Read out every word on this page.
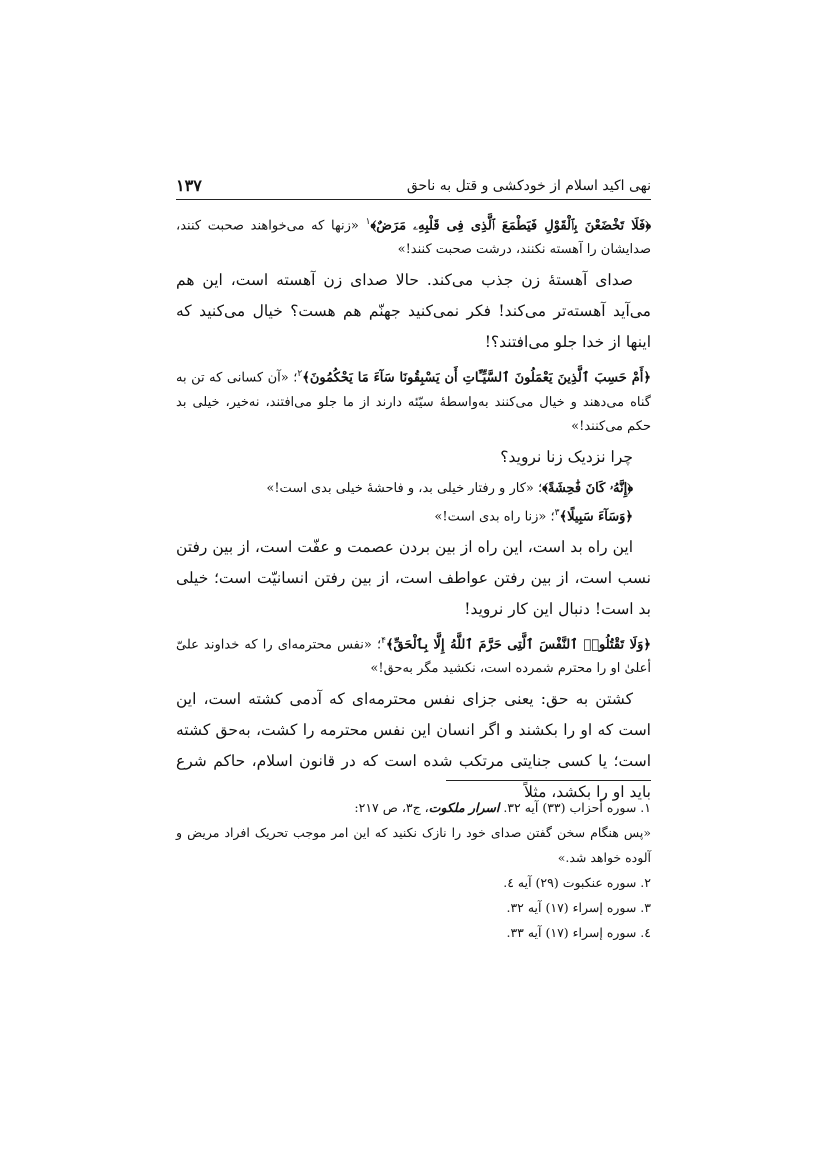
نهی اکید اسلام از خودکشی و قتل به ناحق
۱۳۷

﴿فَلَا تَخْضَعْنَ بِٱلْقَوْلِ فَيَطْمَعَ ٱلَّذِى فِى قَلْبِهِۦ مَرَضٌ﴾$^۱$ «زنها که می‌خواهند صحبت کنند، صدایشان را آهسته نکنند، درشت صحبت کنند!»

صدای آهستۀ زن جذب می‌کند. حالا صدای زن آهسته است، این هم می‌آید آهسته‌تر می‌کند! فکر نمی‌کنید جهنّم هم هست؟ خیال می‌کنید که اینها از خدا جلو می‌افتند؟!

﴿أَمْ حَسِبَ ٱلَّذِينَ يَعْمَلُونَ ٱلسَّيِّـَٔاتِ أَن يَسْبِقُونَا سَآءَ مَا يَحْكُمُونَ﴾$^۲$؛ «آن کسانی که تن به گناه می‌دهند و خیال می‌کنند به‌واسطۀ سیّئه دارند از ما جلو می‌افتند، نه‌خیر، خیلی بد حکم می‌کنند!»

چرا نزدیک زنا نروید؟

﴿إِنَّهُۥ كَانَ فَٰحِشَةً﴾؛ «کار و رفتار خیلی بد، و فاحشۀ خیلی بدی است!»
﴿وَسَآءَ سَبِيلًا﴾$^۳$؛ «زنا راه بدی است!»

این راه بد است، این راه از بین بردن عصمت و عفّت است، از بین رفتن نسب است، از بین رفتن عواطف است، از بین رفتن انسانیّت است؛ خیلی بد است! دنبال این کار نروید!

﴿وَلَا تَقْتُلُوا۟ ٱلنَّفْسَ ٱلَّتِى حَرَّمَ ٱللَّهُ إِلَّا بِٱلْحَقِّ﴾$^۴$؛ «نفس محترمه‌ای را که خداوند علیّ أعلیٰ او را محترم شمرده است، نکشید مگر به‌حق!»

کشتن به حق: یعنی جزای نفس محترمه‌ای که آدمی کشته است، این است که او را بکشند و اگر انسان این نفس محترمه را کشت، به‌حق کشته است؛ یا کسی جنایتی مرتکب شده است که در قانون اسلام، حاکم شرع باید او را بکشد، مثلاً

۱. سوره أحزاب (۳۳) آیه ۳۲. اسرار ملکوت، ج۳، ص ۲۱۷:

«پس هنگام سخن گفتن صدای خود را نازک نکنید که این امر موجب تحریک افراد مریض و آلوده خواهد شد.»

۲. سوره عنکبوت (۲۹) آیه ٤.

۳. سوره إسراء (۱۷) آیه ۳۲.

٤. سوره إسراء (۱۷) آیه ۳۳.
